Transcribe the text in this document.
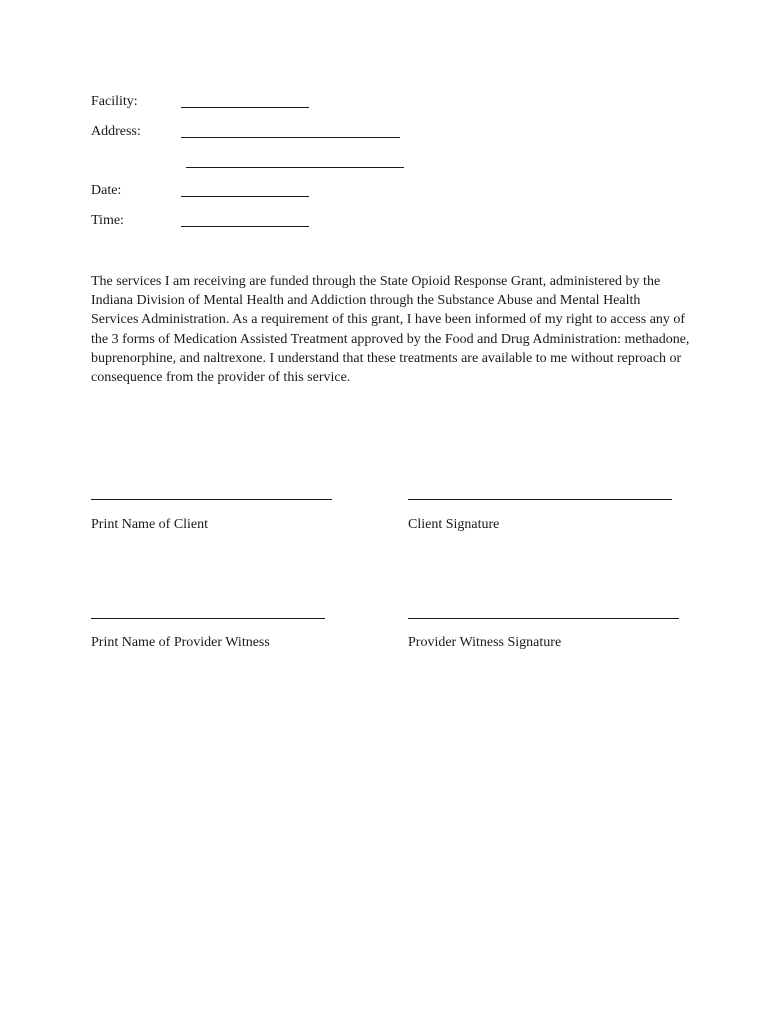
Facility:
Address:
Date:
Time:

The services I am receiving are funded through the State Opioid Response Grant, administered by the Indiana Division of Mental Health and Addiction through the Substance Abuse and Mental Health Services Administration. As a requirement of this grant, I have been informed of my right to access any of the 3 forms of Medication Assisted Treatment approved by the Food and Drug Administration: methadone, buprenorphine, and naltrexone. I understand that these treatments are available to me without reproach or consequence from the provider of this service.

Print Name of Client	Client Signature
Print Name of Provider Witness	Provider Witness Signature
